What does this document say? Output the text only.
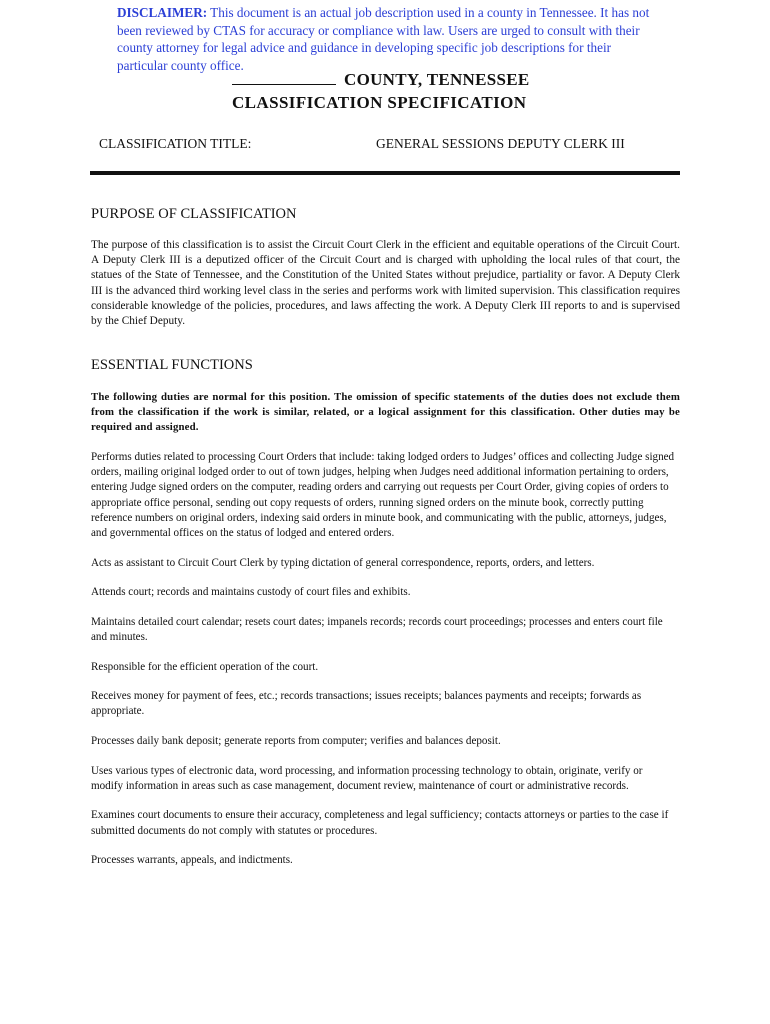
DISCLAIMER: This document is an actual job description used in a county in Tennessee. It has not been reviewed by CTAS for accuracy or compliance with law. Users are urged to consult with their county attorney for legal advice and guidance in developing specific job descriptions for their particular county office.

COUNTY, TENNESSEE
CLASSIFICATION SPECIFICATION
CLASSIFICATION TITLE:	GENERAL SESSIONS DEPUTY CLERK III
PURPOSE OF CLASSIFICATION

The purpose of this classification is to assist the Circuit Court Clerk in the efficient and equitable operations of the Circuit Court. A Deputy Clerk III is a deputized officer of the Circuit Court and is charged with upholding the local rules of that court, the statues of the State of Tennessee, and the Constitution of the United States without prejudice, partiality or favor. A Deputy Clerk III is the advanced third working level class in the series and performs work with limited supervision. This classification requires considerable knowledge of the policies, procedures, and laws affecting the work. A Deputy Clerk III reports to and is supervised by the Chief Deputy.

ESSENTIAL FUNCTIONS

The following duties are normal for this position. The omission of specific statements of the duties does not exclude them from the classification if the work is similar, related, or a logical assignment for this classification. Other duties may be required and assigned.

Performs duties related to processing Court Orders that include: taking lodged orders to Judges’ offices and collecting Judge signed orders, mailing original lodged order to out of town judges, helping when Judges need additional information pertaining to orders, entering Judge signed orders on the computer, reading orders and carrying out requests per Court Order, giving copies of orders to appropriate office personal, sending out copy requests of orders, running signed orders on the minute book, correctly putting reference numbers on original orders, indexing said orders in minute book, and communicating with the public, attorneys, judges, and governmental offices on the status of lodged and entered orders.

Acts as assistant to Circuit Court Clerk by typing dictation of general correspondence, reports, orders, and letters.

Attends court; records and maintains custody of court files and exhibits.

Maintains detailed court calendar; resets court dates; impanels records; records court proceedings; processes and enters court file and minutes.

Responsible for the efficient operation of the court.

Receives money for payment of fees, etc.; records transactions; issues receipts; balances payments and receipts; forwards as appropriate.

Processes daily bank deposit; generate reports from computer; verifies and balances deposit.

Uses various types of electronic data, word processing, and information processing technology to obtain, originate, verify or modify information in areas such as case management, document review, maintenance of court or administrative records.

Examines court documents to ensure their accuracy, completeness and legal sufficiency; contacts attorneys or parties to the case if submitted documents do not comply with statutes or procedures.

Processes warrants, appeals, and indictments.
